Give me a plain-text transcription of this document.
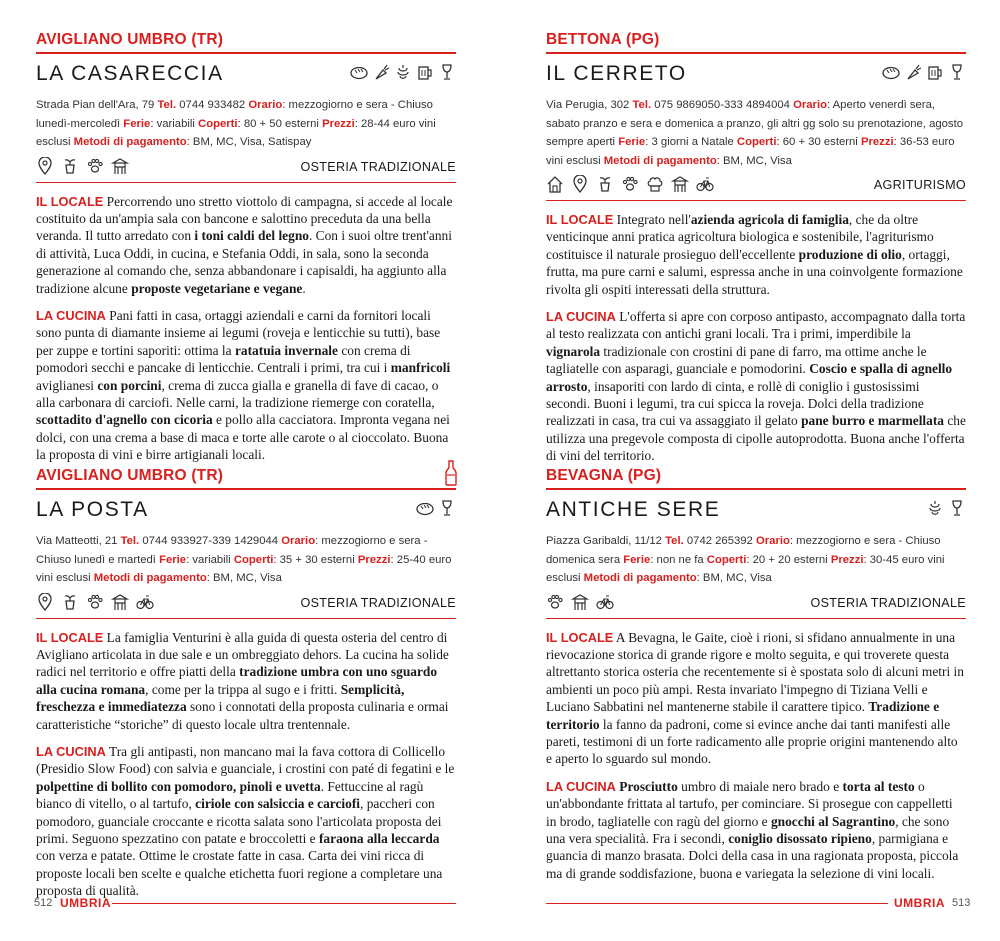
AVIGLIANO UMBRO (TR)
LA CASARECCIA
Strada Pian dell'Ara, 79 Tel. 0744 933482 Orario: mezzogiorno e sera - Chiuso lunedì-mercoledì Ferie: variabili Coperti: 80 + 50 esterni Prezzi: 28-44 euro vini esclusi Metodi di pagamento: BM, MC, Visa, Satispay
OSTERIA TRADIZIONALE

IL LOCALE Percorrendo uno stretto viottolo di campagna, si accede al locale costituito da un'ampia sala con bancone e salottino preceduta da una bella veranda. Il tutto arredato con i toni caldi del legno. Con i suoi oltre trent'anni di attività, Luca Oddi, in cucina, e Stefania Oddi, in sala, sono la seconda generazione al comando che, senza abbandonare i capisaldi, ha aggiunto alla tradizione alcune proposte vegetariane e vegane.

LA CUCINA Pani fatti in casa, ortaggi aziendali e carni da fornitori locali sono punta di diamante insieme ai legumi (roveja e lenticchie su tutti), base per zuppe e tortini saporiti: ottima la ratatuia invernale con crema di pomodori secchi e pancake di lenticchie. Centrali i primi, tra cui i manfricoli aviglianesi con porcini, crema di zucca gialla e granella di fave di cacao, o alla carbonara di carciofi. Nelle carni, la tradizione riemerge con coratella, scottadito d'agnello con cicoria e pollo alla cacciatora. Impronta vegana nei dolci, con una crema a base di maca e torte alle carote o al cioccolato. Buona la proposta di vini e birre artigianali locali.

AVIGLIANO UMBRO (TR)
LA POSTA
Via Matteotti, 21 Tel. 0744 933927-339 1429044 Orario: mezzogiorno e sera - Chiuso lunedì e martedì Ferie: variabili Coperti: 35 + 30 esterni Prezzi: 25-40 euro vini esclusi Metodi di pagamento: BM, MC, Visa
OSTERIA TRADIZIONALE

IL LOCALE La famiglia Venturini è alla guida di questa osteria del centro di Avigliano articolata in due sale e un ombreggiato dehors. La cucina ha solide radici nel territorio e offre piatti della tradizione umbra con uno sguardo alla cucina romana, come per la trippa al sugo e i fritti. Semplicità, freschezza e immediatezza sono i connotati della proposta culinaria e ormai caratteristiche “storiche” di questo locale ultra trentennale.

LA CUCINA Tra gli antipasti, non mancano mai la fava cottora di Collicello (Presidio Slow Food) con salvia e guanciale, i crostini con paté di fegatini e le polpettine di bollito con pomodoro, pinoli e uvetta. Fettuccine al ragù bianco di vitello, o al tartufo, ciriole con salsiccia e carciofi, paccheri con pomodoro, guanciale croccante e ricotta salata sono l'articolata proposta dei primi. Seguono spezzatino con patate e broccoletti e faraona alla leccarda con verza e patate. Ottime le crostate fatte in casa. Carta dei vini ricca di proposte locali ben scelte e qualche etichetta fuori regione a completare una proposta di qualità.

BETTONA (PG)
IL CERRETO
Via Perugia, 302 Tel. 075 9869050-333 4894004 Orario: Aperto venerdì sera, sabato pranzo e sera e domenica a pranzo, gli altri gg solo su prenotazione, agosto sempre aperti Ferie: 3 giorni a Natale Coperti: 60 + 30 esterni Prezzi: 36-53 euro vini esclusi Metodi di pagamento: BM, MC, Visa
AGRITURISMO

IL LOCALE Integrato nell'azienda agricola di famiglia, che da oltre venticinque anni pratica agricoltura biologica e sostenibile, l'agriturismo costituisce il naturale prosieguo dell'eccellente produzione di olio, ortaggi, frutta, ma pure carni e salumi, espressa anche in una coinvolgente formazione rivolta gli ospiti interessati della struttura.

LA CUCINA L'offerta si apre con corposo antipasto, accompagnato dalla torta al testo realizzata con antichi grani locali. Tra i primi, imperdibile la vignarola tradizionale con crostini di pane di farro, ma ottime anche le tagliatelle con asparagi, guanciale e pomodorini. Coscio e spalla di agnello arrosto, insaporiti con lardo di cinta, e rollè di coniglio i gustosissimi secondi. Buoni i legumi, tra cui spicca la roveja. Dolci della tradizione realizzati in casa, tra cui va assaggiato il gelato pane burro e marmellata che utilizza una pregevole composta di cipolle autoprodotta. Buona anche l'offerta di vini del territorio.

BEVAGNA (PG)
ANTICHE SERE
Piazza Garibaldi, 11/12 Tel. 0742 265392 Orario: mezzogiorno e sera - Chiuso domenica sera Ferie: non ne fa Coperti: 20 + 20 esterni Prezzi: 30-45 euro vini esclusi Metodi di pagamento: BM, MC, Visa
OSTERIA TRADIZIONALE

IL LOCALE A Bevagna, le Gaite, cioè i rioni, si sfidano annualmente in una rievocazione storica di grande rigore e molto seguita, e qui troverete questa altrettanto storica osteria che recentemente si è spostata solo di alcuni metri in ambienti un poco più ampi. Resta invariato l'impegno di Tiziana Velli e Luciano Sabbatini nel mantenerne stabile il carattere tipico. Tradizione e territorio la fanno da padroni, come si evince anche dai tanti manifesti alle pareti, testimoni di un forte radicamento alle proprie origini mantenendo alto e aperto lo sguardo sul mondo.

LA CUCINA Prosciutto umbro di maiale nero brado e torta al testo o un'abbondante frittata al tartufo, per cominciare. Si prosegue con cappelletti in brodo, tagliatelle con ragù del giorno e gnocchi al Sagrantino, che sono una vera specialità. Fra i secondi, coniglio disossato ripieno, parmigiana e guancia di manzo brasata. Dolci della casa in una ragionata proposta, piccola ma di grande soddisfazione, buona e variegata la selezione di vini locali.

512 UMBRIA	UMBRIA 513
